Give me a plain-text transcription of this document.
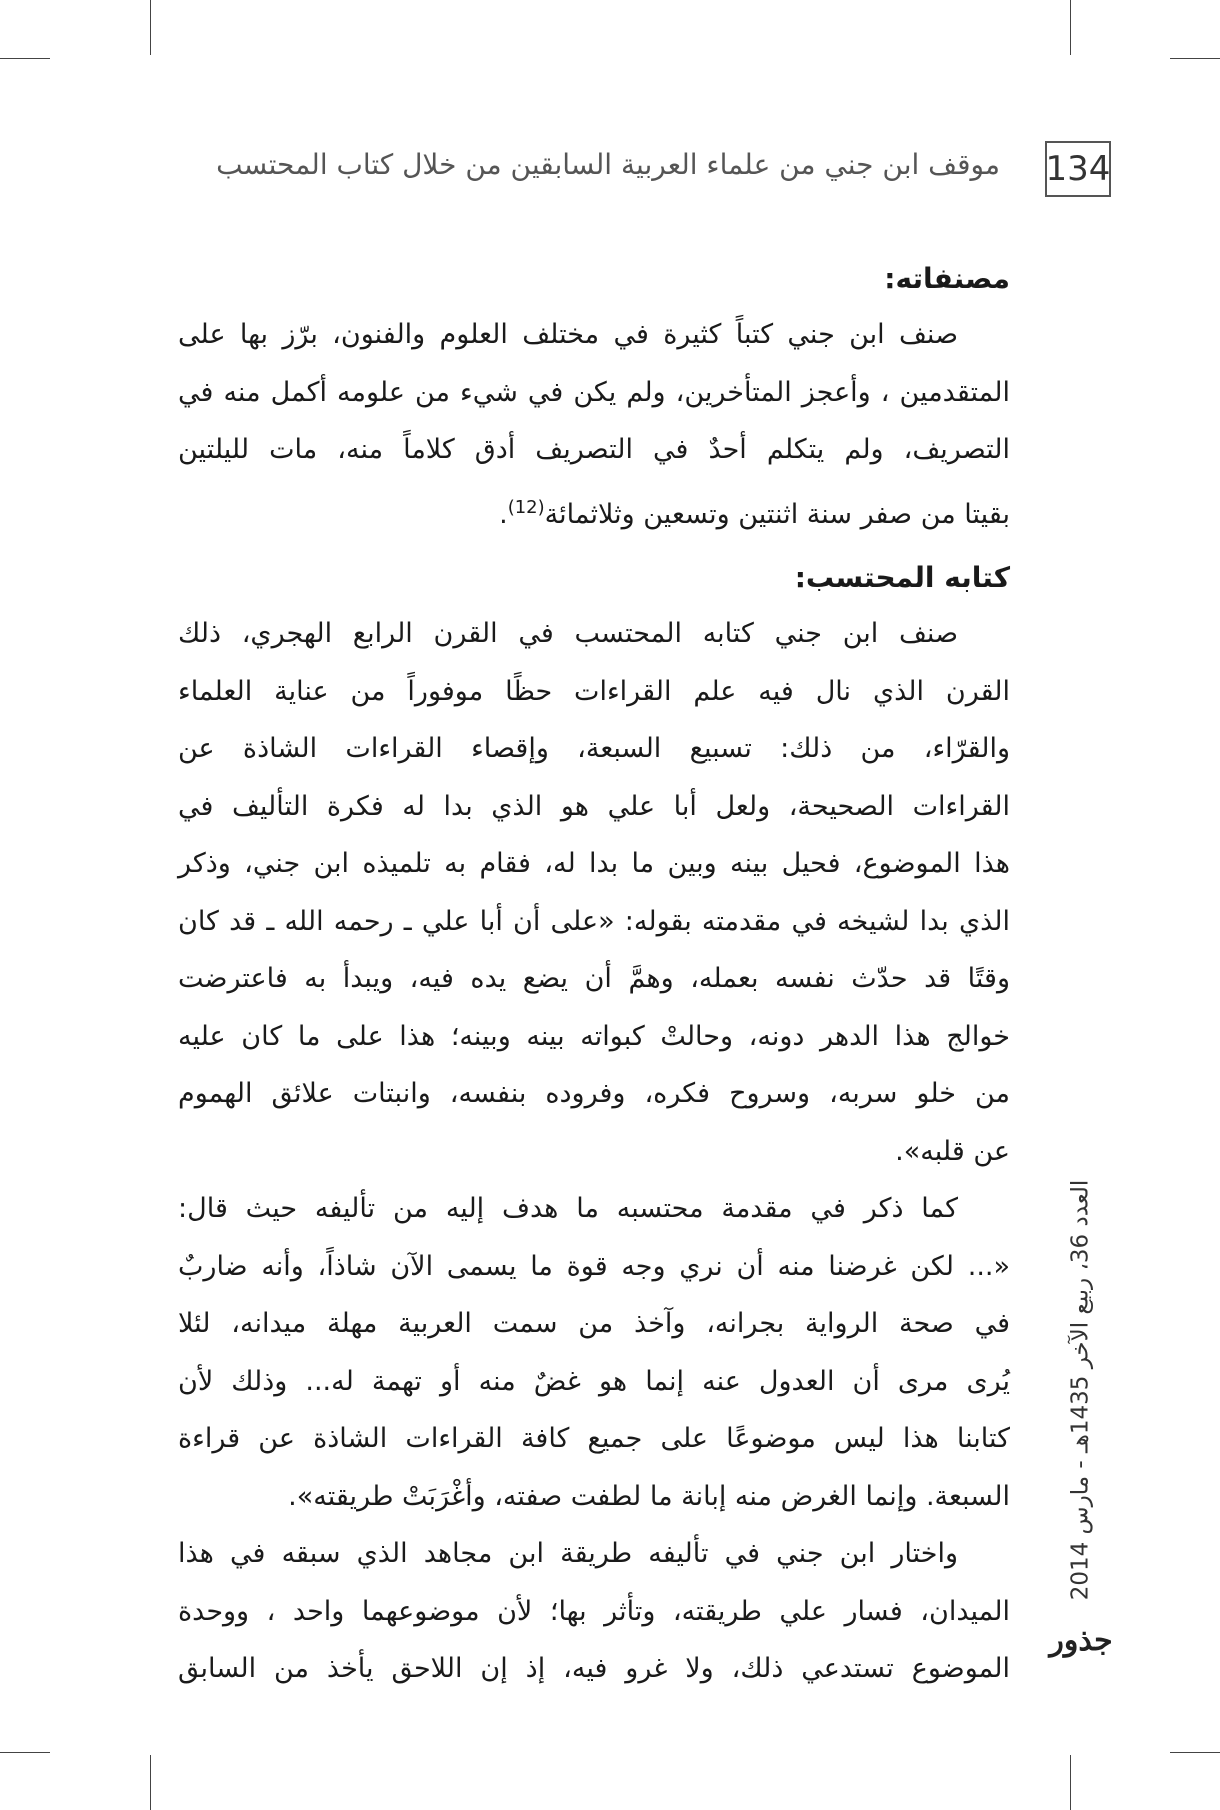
134
موقف ابن جني من علماء العربية السابقين من خلال كتاب المحتسب
مصنفاته:
صنف ابن جني كتباً كثيرة في مختلف العلوم والفنون، برّز بها على
المتقدمين ، وأعجز المتأخرين، ولم يكن في شيء من علومه أكمل منه في
التصريف، ولم يتكلم أحدٌ في التصريف أدق كلاماً منه، مات لليلتين
بقيتا من صفر سنة اثنتين وتسعين وثلاثمائة$^{(12)}$.
كتابه المحتسب:
صنف ابن جني كتابه المحتسب في القرن الرابع الهجري، ذلك
القرن الذي نال فيه علم القراءات حظًا موفوراً من عناية العلماء
والقرّاء، من ذلك: تسبيع السبعة، وإقصاء القراءات الشاذة عن
القراءات الصحيحة، ولعل أبا علي هو الذي بدا له فكرة التأليف في
هذا الموضوع، فحيل بينه وبين ما بدا له، فقام به تلميذه ابن جني، وذكر
الذي بدا لشيخه في مقدمته بقوله: «على أن أبا علي ـ رحمه الله ـ قد كان
وقتًا قد حدّث نفسه بعمله، وهمَّ أن يضع يده فيه، ويبدأ به فاعترضت
خوالج هذا الدهر دونه، وحالتْ كبواته بينه وبينه؛ هذا على ما كان عليه
من خلو سربه، وسروح فكره، وفروده بنفسه، وانبتات علائق الهموم
عن قلبه».
كما ذكر في مقدمة محتسبه ما هدف إليه من تأليفه حيث قال:
«... لكن غرضنا منه أن نري وجه قوة ما يسمى الآن شاذاً، وأنه ضاربٌ
في صحة الرواية بجرانه، وآخذ من سمت العربية مهلة ميدانه، لئلا
يُرى مرى أن العدول عنه إنما هو غضٌ منه أو تهمة له... وذلك لأن
كتابنا هذا ليس موضوعًا على جميع كافة القراءات الشاذة عن قراءة
السبعة. وإنما الغرض منه إبانة ما لطفت صفته، وأغْرَبَتْ طريقته».
واختار ابن جني في تأليفه طريقة ابن مجاهد الذي سبقه في هذا
الميدان، فسار علي طريقته، وتأثر بها؛ لأن موضوعهما واحد ، ووحدة
الموضوع تستدعي ذلك، ولا غرو فيه، إذ إن اللاحق يأخذ من السابق
العدد 36، ربيع الآخر 1435هـ - مارس 2014
جذور
